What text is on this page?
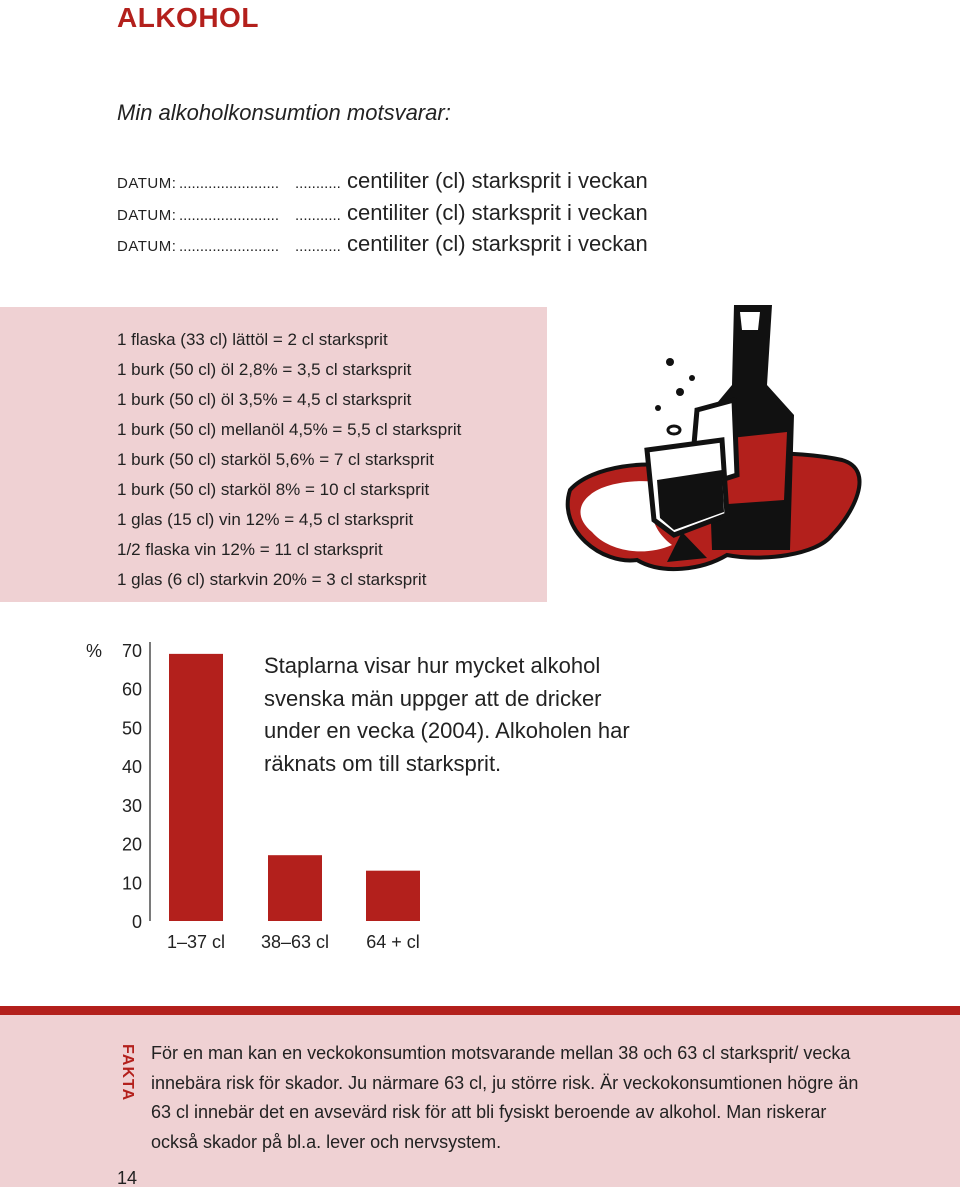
ALKOHOL

Min alkoholkonsumtion motsvarar:

DATUM: ........................ ........... centiliter (cl) starksprit i veckan
DATUM: ........................ ........... centiliter (cl) starksprit i veckan
DATUM: ........................ ........... centiliter (cl) starksprit i veckan
1 flaska (33 cl) lättöl = 2 cl starksprit
1 burk (50 cl) öl 2,8% = 3,5 cl starksprit
1 burk (50 cl) öl 3,5% = 4,5 cl starksprit
1 burk (50 cl) mellanöl 4,5% = 5,5 cl starksprit
1 burk (50 cl) starköl 5,6% = 7 cl starksprit
1 burk (50 cl) starköl 8% = 10 cl starksprit
1 glas (15 cl) vin 12% = 4,5 cl starksprit
1/2 flaska vin 12% = 11 cl starksprit
1 glas (6 cl) starkvin 20% = 3 cl starksprit
%
0
10
20
30
40
50
60
70
1–37 cl 38–63 cl 64 + cl

Staplarna visar hur mycket alkohol svenska män uppger att de dricker under en vecka (2004). Alkoholen har räknats om till starksprit.

FAKTA För en man kan en veckokonsumtion motsvarande mellan 38 och 63 cl starksprit/ vecka innebära risk för skador. Ju närmare 63 cl, ju större risk. Är veckokonsumtionen högre än 63 cl innebär det en avsevärd risk för att bli fysiskt beroende av alkohol. Man riskerar också skador på bl.a. lever och nervsystem.

14
